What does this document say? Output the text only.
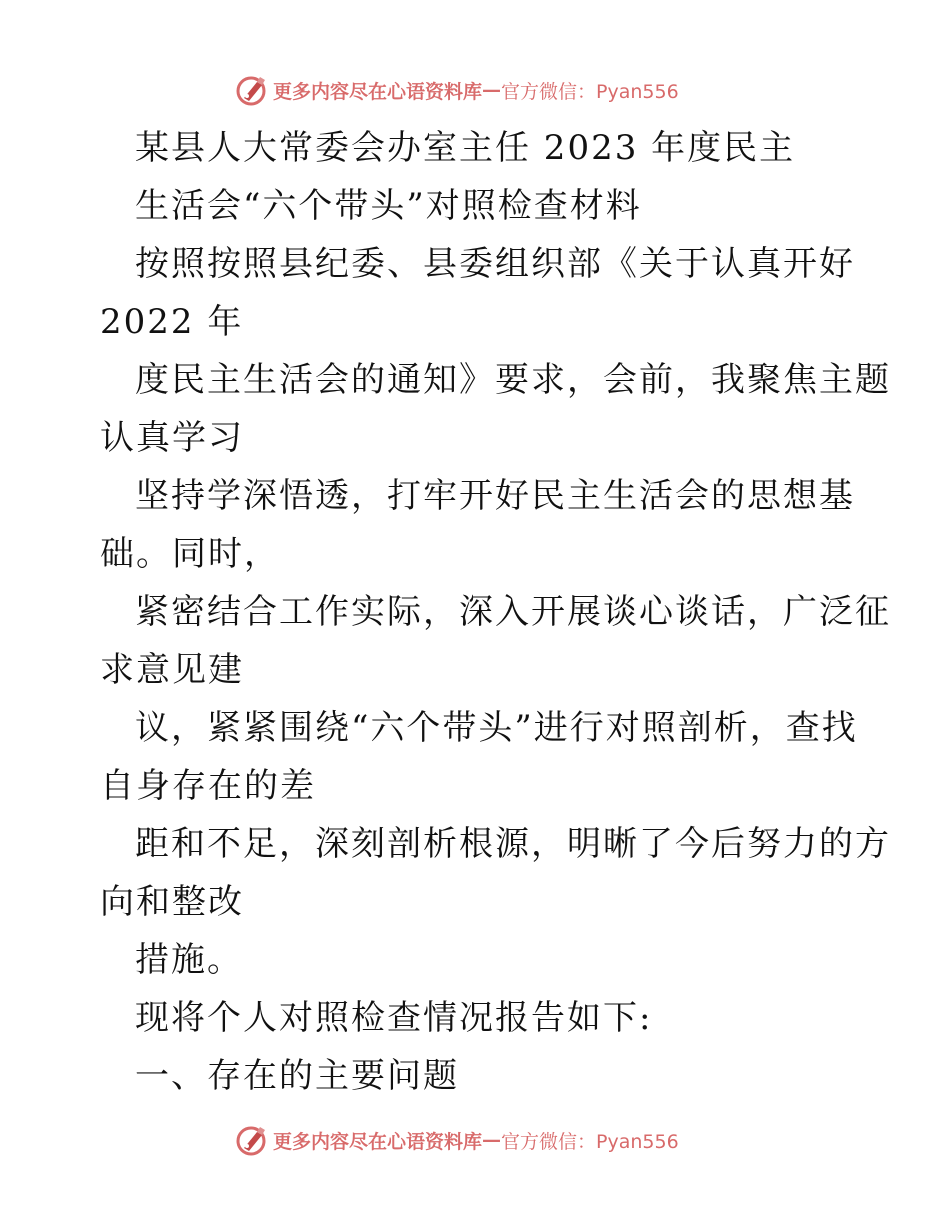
更多内容尽在心语资料库 — 官方微信：Pyan556
某县人大常委会办室主任 2023 年度民主
生活会“六个带头”对照检查材料
按照按照县纪委、县委组织部《关于认真开好
2022 年
度民主生活会的通知》要求，会前，我聚焦主题
认真学习
坚持学深悟透，打牢开好民主生活会的思想基
础。同时，
紧密结合工作实际，深入开展谈心谈话，广泛征
求意见建
议，紧紧围绕“六个带头”进行对照剖析，查找
自身存在的差
距和不足，深刻剖析根源，明晰了今后努力的方
向和整改
措施。
现将个人对照检查情况报告如下:
一、存在的主要问题
更多内容尽在心语资料库 — 官方微信：Pyan556
